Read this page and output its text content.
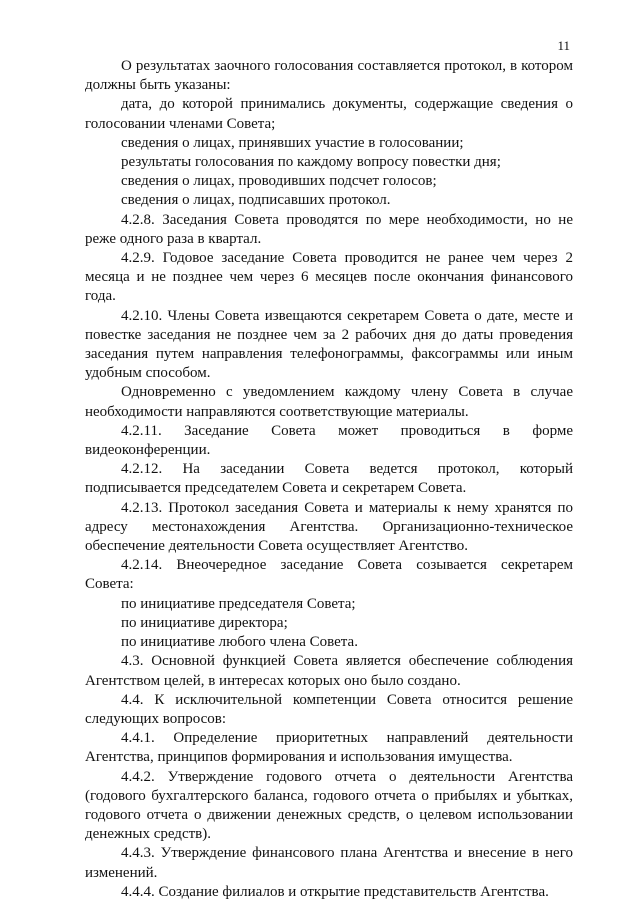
11

О результатах заочного голосования составляется протокол, в котором должны быть указаны:

дата, до которой принимались документы, содержащие сведения о голосовании членами Совета;

сведения о лицах, принявших участие в голосовании;

результаты голосования по каждому вопросу повестки дня;

сведения о лицах, проводивших подсчет голосов;

сведения о лицах, подписавших протокол.

4.2.8. Заседания Совета проводятся по мере необходимости, но не реже одного раза в квартал.

4.2.9. Годовое заседание Совета проводится не ранее чем через 2 месяца и не позднее чем через 6 месяцев после окончания финансового года.

4.2.10. Члены Совета извещаются секретарем Совета о дате, месте и повестке заседания не позднее чем за 2 рабочих дня до даты проведения заседания путем направления телефонограммы, факсограммы или иным удобным способом.

Одновременно с уведомлением каждому члену Совета в случае необходимости направляются соответствующие материалы.

4.2.11. Заседание Совета может проводиться в форме видеоконференции.

4.2.12. На заседании Совета ведется протокол, который подписывается председателем Совета и секретарем Совета.

4.2.13. Протокол заседания Совета и материалы к нему хранятся по адресу местонахождения Агентства. Организационно-техническое обеспечение деятельности Совета осуществляет Агентство.

4.2.14. Внеочередное заседание Совета созывается секретарем Совета:

по инициативе председателя Совета;

по инициативе директора;

по инициативе любого члена Совета.

4.3. Основной функцией Совета является обеспечение соблюдения Агентством целей, в интересах которых оно было создано.

4.4. К исключительной компетенции Совета относится решение следующих вопросов:

4.4.1. Определение приоритетных направлений деятельности Агентства, принципов формирования и использования имущества.

4.4.2. Утверждение годового отчета о деятельности Агентства (годового бухгалтерского баланса, годового отчета о прибылях и убытках, годового отчета о движении денежных средств, о целевом использовании денежных средств).

4.4.3. Утверждение финансового плана Агентства и внесение в него изменений.

4.4.4. Создание филиалов и открытие представительств Агентства.
